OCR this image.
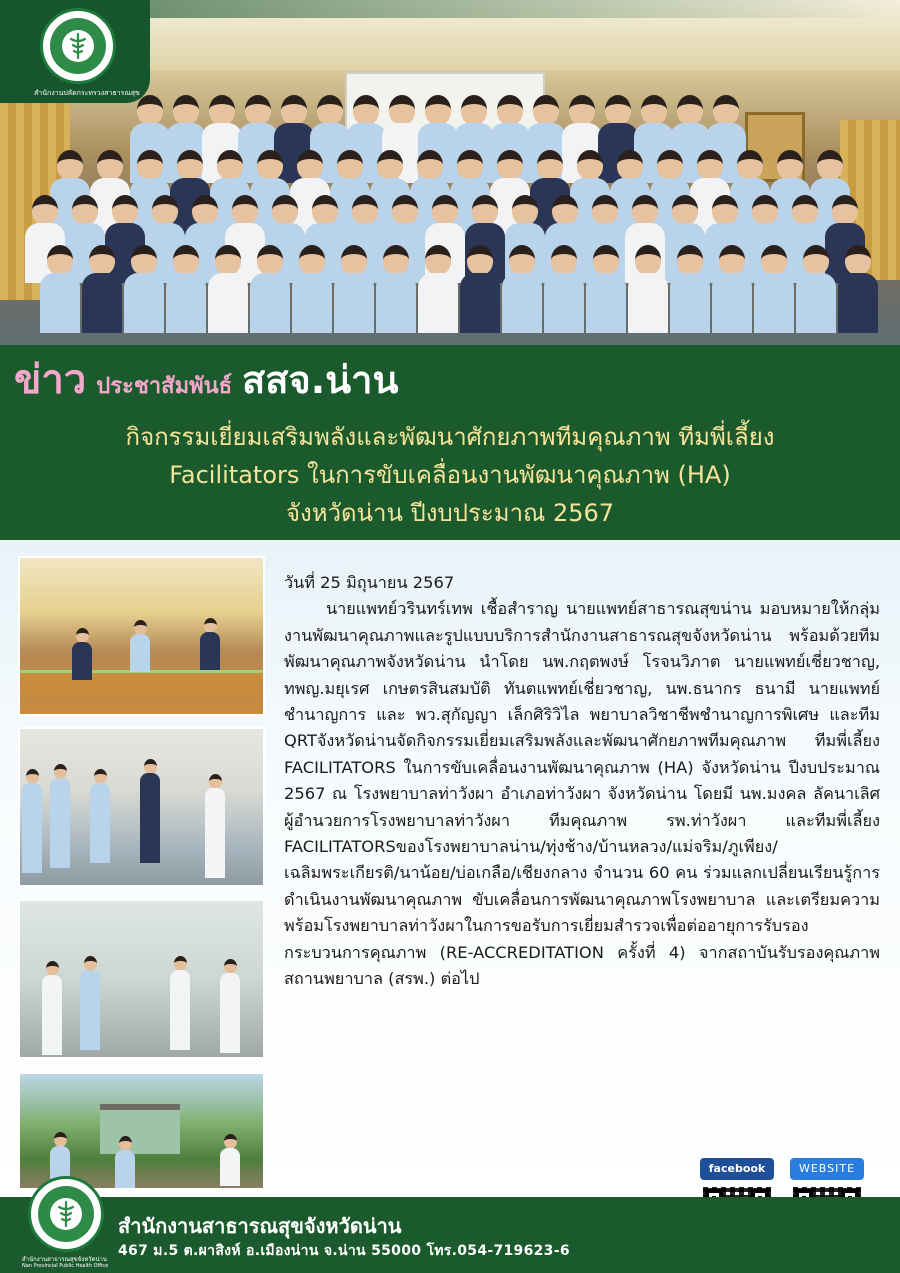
สำนักงานปลัดกระทรวงสาธารณสุข
ข่าว ประชาสัมพันธ์ สสจ.น่าน
กิจกรรมเยี่ยมเสริมพลังและพัฒนาศักยภาพทีมคุณภาพ ทีมพี่เลี้ยง
Facilitators ในการขับเคลื่อนงานพัฒนาคุณภาพ (HA)
จังหวัดน่าน ปีงบประมาณ 2567
วันที่ 25 มิถุนายน 2567
นายแพทย์วรินทร์เทพ เชื้อสำราญ นายแพทย์สาธารณสุขน่าน มอบหมายให้กลุ่มงานพัฒนาคุณภาพและรูปแบบบริการสำนักงานสาธารณสุขจังหวัดน่าน พร้อมด้วยทีมพัฒนาคุณภาพจังหวัดน่าน นำโดย นพ.กฤตพงษ์ โรจนวิภาต นายแพทย์เชี่ยวชาญ, ทพญ.มยุเรศ เกษตรสินสมบัติ ทันตแพทย์เชี่ยวชาญ, นพ.ธนากร ธนามี นายแพทย์ชำนาญการ และ พว.สุกัญญา เล็กศิริวิไล พยาบาลวิชาชีพชำนาญการพิเศษ และทีม QRTจังหวัดน่านจัดกิจกรรมเยี่ยมเสริมพลังและพัฒนาศักยภาพทีมคุณภาพ ทีมพี่เลี้ยง FACILITATORS ในการขับเคลื่อนงานพัฒนาคุณภาพ (HA) จังหวัดน่าน ปีงบประมาณ 2567 ณ โรงพยาบาลท่าวังผา อำเภอท่าวังผา จังหวัดน่าน โดยมี นพ.มงคล ลัคนาเลิศ ผู้อำนวยการโรงพยาบาลท่าวังผา ทีมคุณภาพ รพ.ท่าวังผา และทีมพี่เลี้ยง FACILITATORSของโรงพยาบาลน่าน/ทุ่งช้าง/บ้านหลวง/แม่จริม/ภูเพียง/เฉลิมพระเกียรติ/นาน้อย/บ่อเกลือ/เชียงกลาง จำนวน 60 คน ร่วมแลกเปลี่ยนเรียนรู้การดำเนินงานพัฒนาคุณภาพ ขับเคลื่อนการพัฒนาคุณภาพโรงพยาบาล และเตรียมความพร้อมโรงพยาบาลท่าวังผาในการขอรับการเยี่ยมสำรวจเพื่อต่ออายุการรับรองกระบวนการคุณภาพ (RE-ACCREDITATION ครั้งที่ 4) จากสถาบันรับรองคุณภาพสถานพยาบาล (สรพ.) ต่อไป
facebook	WEBSITE
สำนักงานสาธารณสุขจังหวัดน่าน
Nan Provincial Public Health Office
สำนักงานสาธารณสุขจังหวัดน่าน
467 ม.5 ต.ผาสิงห์ อ.เมืองน่าน จ.น่าน 55000 โทร.054-719623-6
